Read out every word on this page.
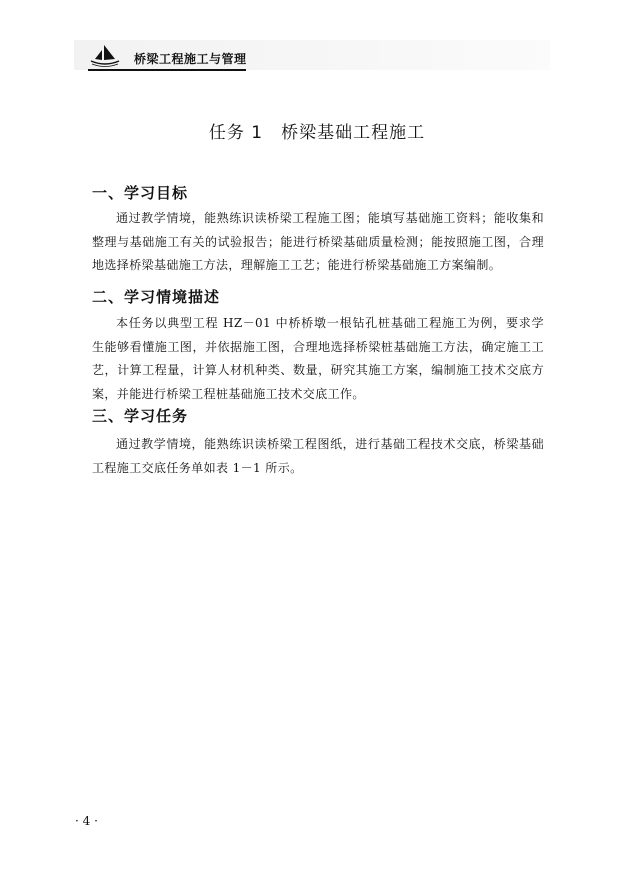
桥梁工程施工与管理
任务 1　桥梁基础工程施工
一、学习目标
通过教学情境，能熟练识读桥梁工程施工图；能填写基础施工资料；能收集和整理与基础施工有关的试验报告；能进行桥梁基础质量检测；能按照施工图，合理地选择桥梁基础施工方法，理解施工工艺；能进行桥梁基础施工方案编制。
二、学习情境描述
本任务以典型工程 HZ－01 中桥桥墩一根钻孔桩基础工程施工为例，要求学生能够看懂施工图，并依据施工图，合理地选择桥梁桩基础施工方法，确定施工工艺，计算工程量，计算人材机种类、数量，研究其施工方案，编制施工技术交底方案，并能进行桥梁工程桩基础施工技术交底工作。
三、学习任务
通过教学情境，能熟练识读桥梁工程图纸，进行基础工程技术交底，桥梁基础工程施工交底任务单如表 1－1 所示。
· 4 ·
